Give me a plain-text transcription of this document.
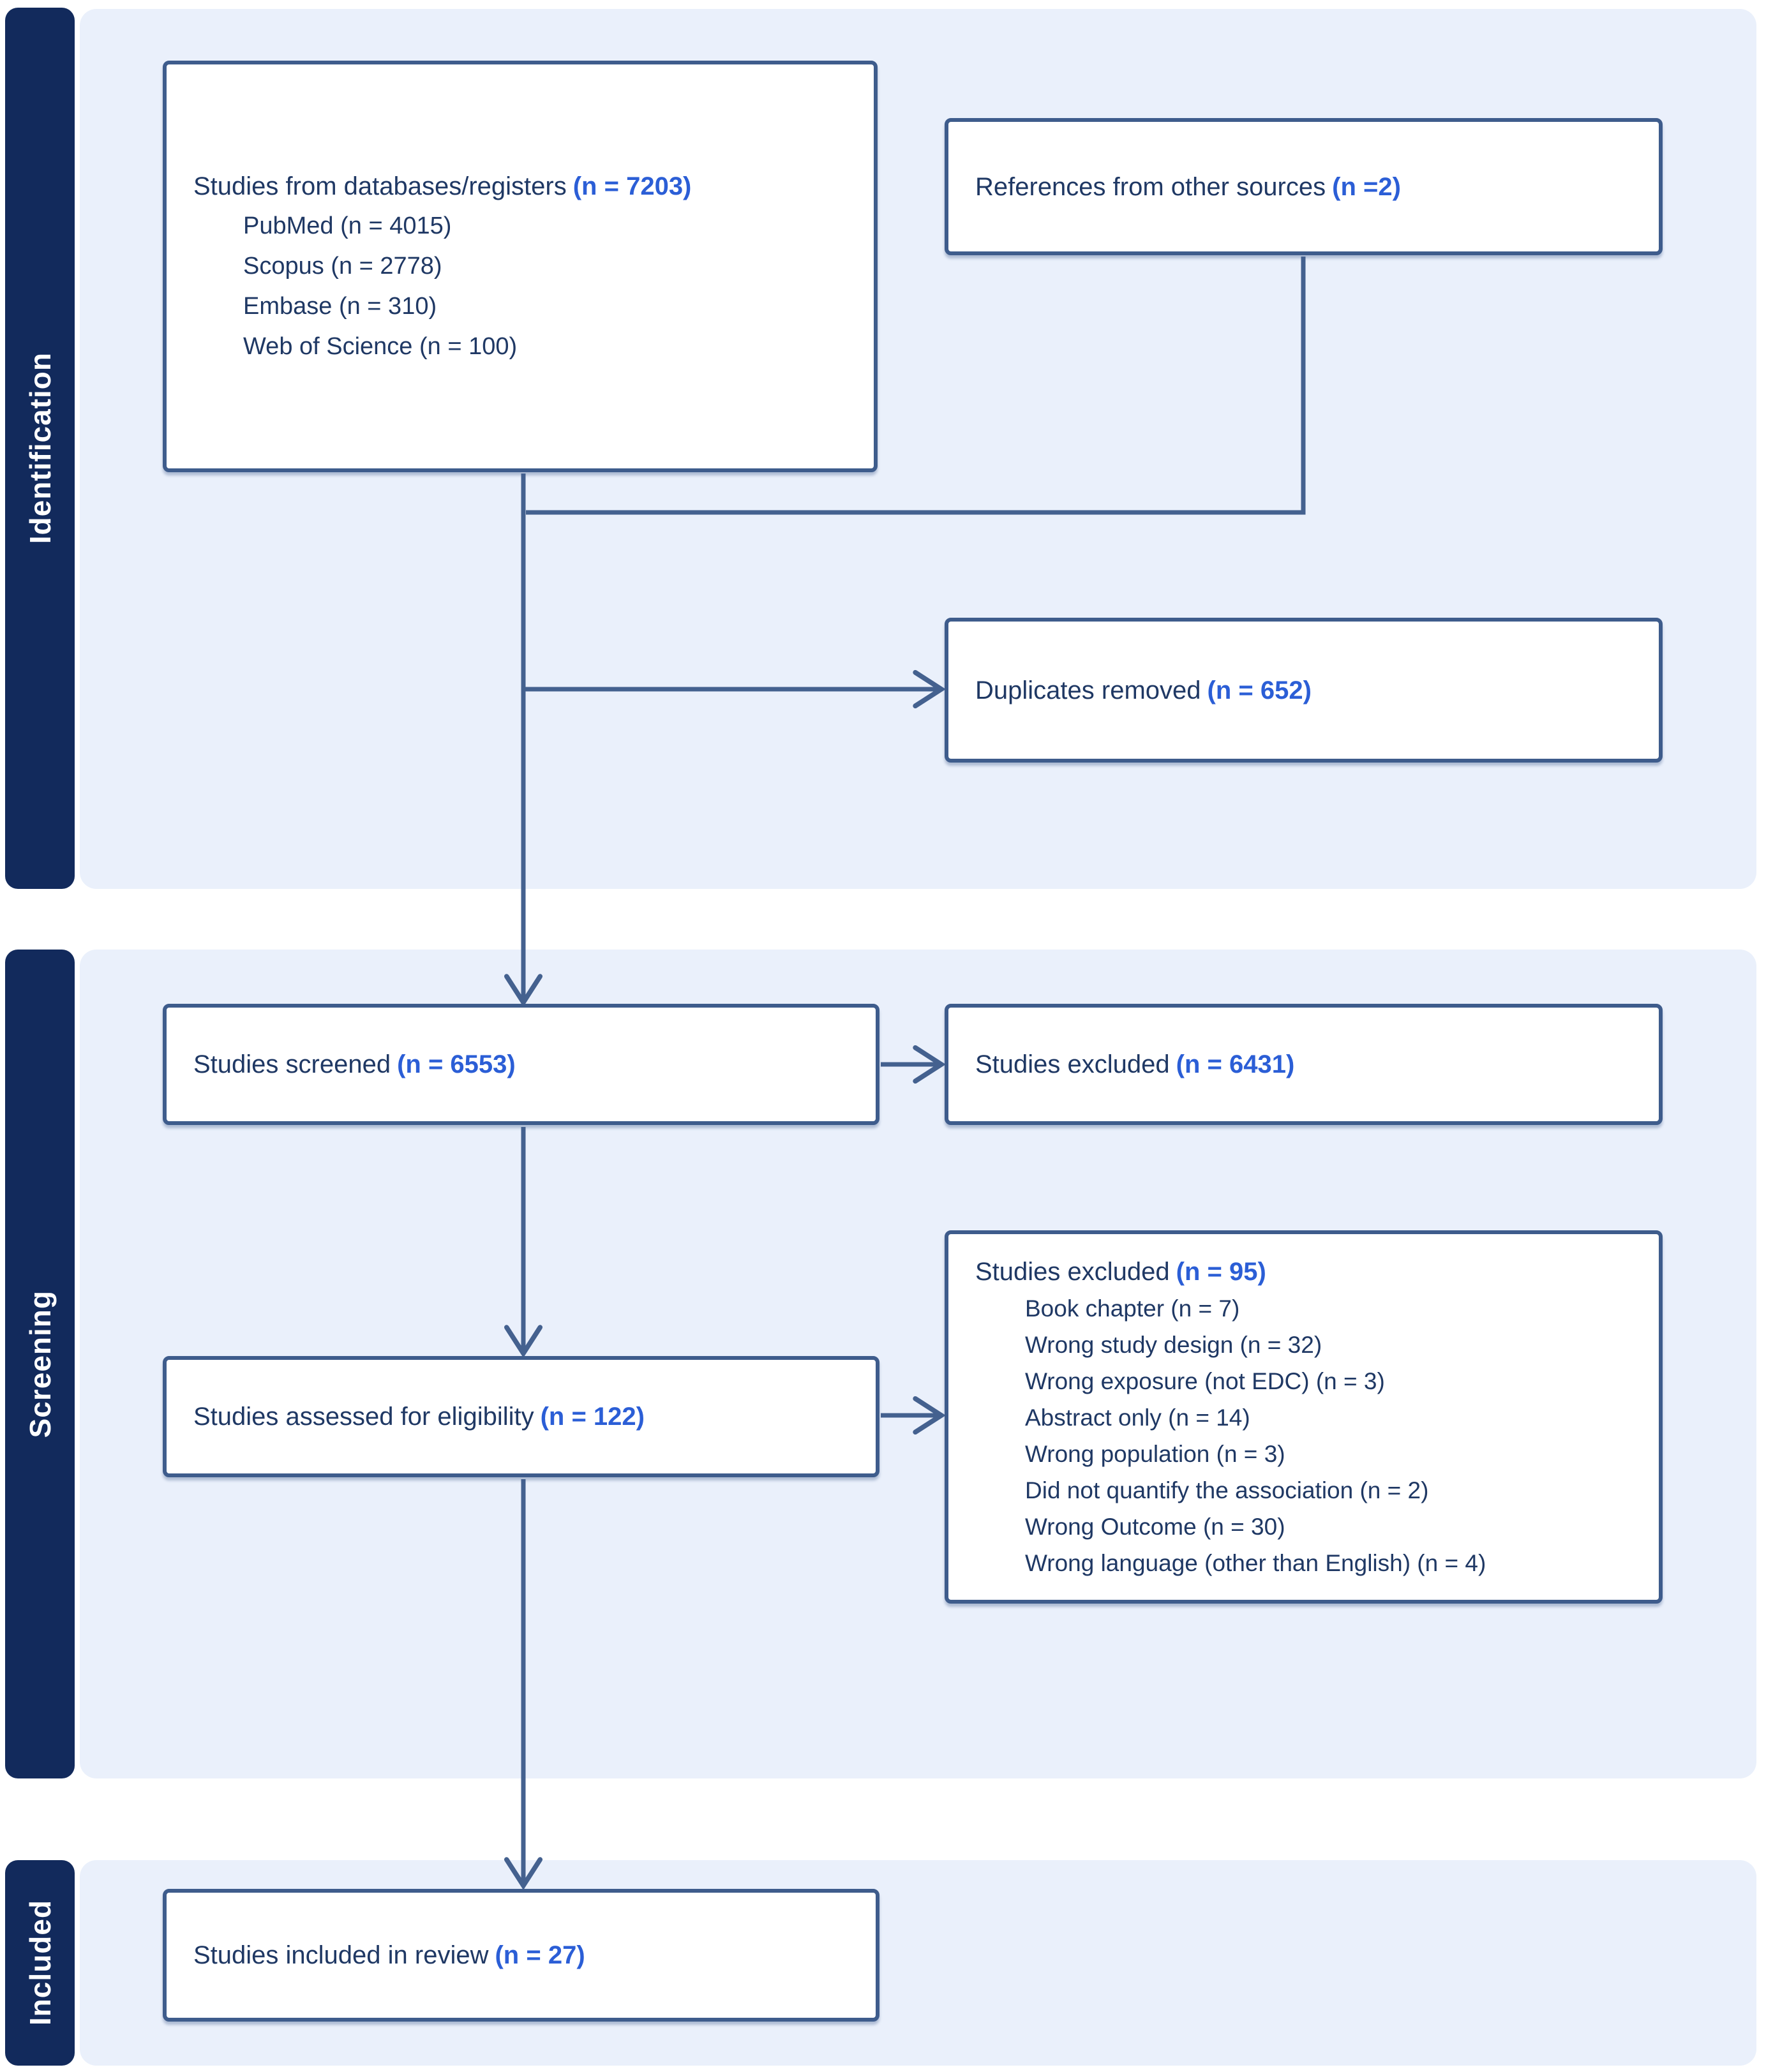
Identification
Screening
Included
Studies from databases/registers (n = 7203)
PubMed (n = 4015)
Scopus (n = 2778)
Embase (n = 310)
Web of Science (n = 100)
References from other sources (n =2)
Duplicates removed (n = 652)
Studies screened (n = 6553)	Studies excluded (n = 6431)
Studies assessed for eligibility (n = 122)
Studies excluded (n = 95)
Book chapter (n = 7)
Wrong study design (n = 32)
Wrong exposure (not EDC) (n = 3)
Abstract only (n = 14)
Wrong population (n = 3)
Did not quantify the association (n = 2)
Wrong Outcome (n = 30)
Wrong language (other than English) (n = 4)
Studies included in review (n = 27)
